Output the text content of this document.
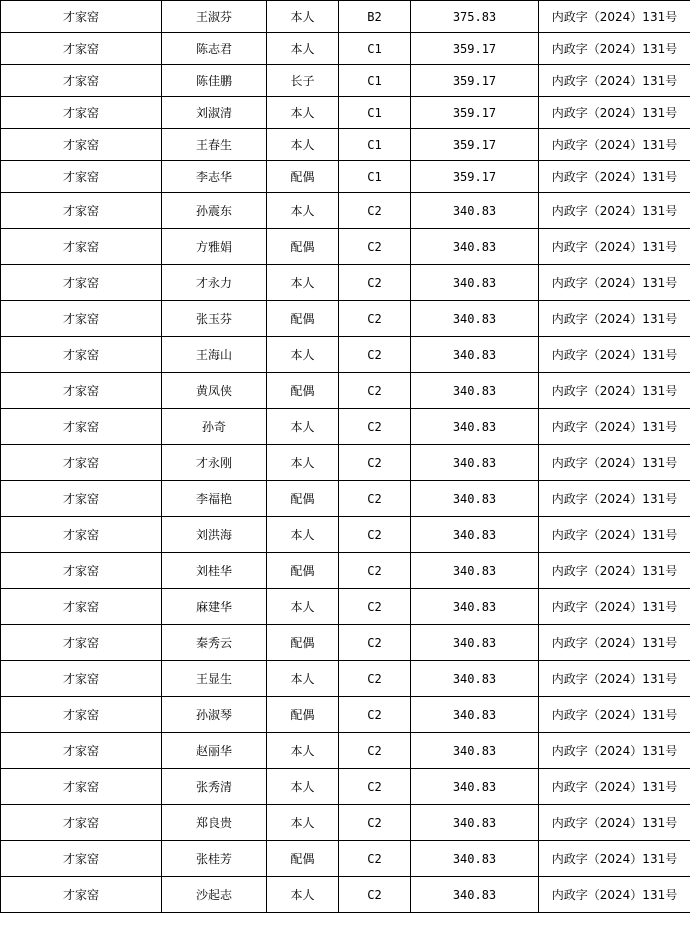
才家窑	王淑芬	本人	B2	375.83	内政字（2024）131号
才家窑	陈志君	本人	C1	359.17	内政字（2024）131号
才家窑	陈佳鹏	长子	C1	359.17	内政字（2024）131号
才家窑	刘淑清	本人	C1	359.17	内政字（2024）131号
才家窑	王春生	本人	C1	359.17	内政字（2024）131号
才家窑	李志华	配偶	C1	359.17	内政字（2024）131号
才家窑	孙震东	本人	C2	340.83	内政字（2024）131号
才家窑	方雅娟	配偶	C2	340.83	内政字（2024）131号
才家窑	才永力	本人	C2	340.83	内政字（2024）131号
才家窑	张玉芬	配偶	C2	340.83	内政字（2024）131号
才家窑	王海山	本人	C2	340.83	内政字（2024）131号
才家窑	黄凤侠	配偶	C2	340.83	内政字（2024）131号
才家窑	孙奇	本人	C2	340.83	内政字（2024）131号
才家窑	才永刚	本人	C2	340.83	内政字（2024）131号
才家窑	李福艳	配偶	C2	340.83	内政字（2024）131号
才家窑	刘洪海	本人	C2	340.83	内政字（2024）131号
才家窑	刘桂华	配偶	C2	340.83	内政字（2024）131号
才家窑	麻建华	本人	C2	340.83	内政字（2024）131号
才家窑	秦秀云	配偶	C2	340.83	内政字（2024）131号
才家窑	王显生	本人	C2	340.83	内政字（2024）131号
才家窑	孙淑琴	配偶	C2	340.83	内政字（2024）131号
才家窑	赵丽华	本人	C2	340.83	内政字（2024）131号
才家窑	张秀清	本人	C2	340.83	内政字（2024）131号
才家窑	郑良贵	本人	C2	340.83	内政字（2024）131号
才家窑	张桂芳	配偶	C2	340.83	内政字（2024）131号
才家窑	沙起志	本人	C2	340.83	内政字（2024）131号
